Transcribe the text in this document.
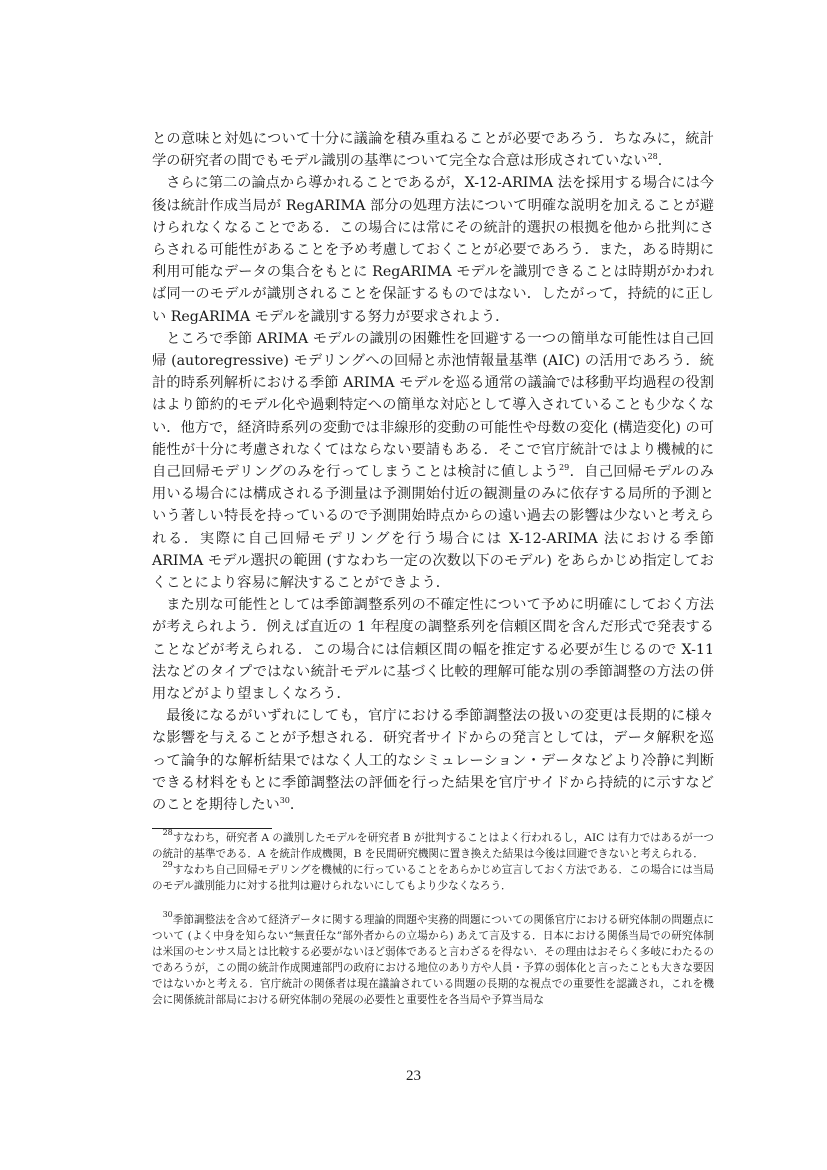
との意味と対処について十分に議論を積み重ねることが必要であろう．ちなみに，統計学の研究者の間でもモデル識別の基準について完全な合意は形成されていない$^{28}$．

さらに第二の論点から導かれることであるが，X-12-ARIMA 法を採用する場合には今後は統計作成当局が RegARIMA 部分の処理方法について明確な説明を加えることが避けられなくなることである．この場合には常にその統計的選択の根拠を他から批判にさらされる可能性があることを予め考慮しておくことが必要であろう．また，ある時期に利用可能なデータの集合をもとに RegARIMA モデルを識別できることは時期がかわれば同一のモデルが識別されることを保証するものではない．したがって，持続的に正しい RegARIMA モデルを識別する努力が要求されよう．

ところで季節 ARIMA モデルの識別の困難性を回避する一つの簡単な可能性は自己回帰 (autoregressive) モデリングへの回帰と赤池情報量基準 (AIC) の活用であろう．統計的時系列解析における季節 ARIMA モデルを巡る通常の議論では移動平均過程の役割はより節約的モデル化や過剰特定への簡単な対応として導入されていることも少なくない．他方で，経済時系列の変動では非線形的変動の可能性や母数の変化 (構造変化) の可能性が十分に考慮されなくてはならない要請もある．そこで官庁統計ではより機械的に自己回帰モデリングのみを行ってしまうことは検討に値しよう$^{29}$．自己回帰モデルのみ用いる場合には構成される予測量は予測開始付近の観測量のみに依存する局所的予測という著しい特長を持っているので予測開始時点からの遠い過去の影響は少ないと考えられる．実際に自己回帰モデリングを行う場合には X-12-ARIMA 法における季節 ARIMA モデル選択の範囲 (すなわち一定の次数以下のモデル) をあらかじめ指定しておくことにより容易に解決することができよう．

また別な可能性としては季節調整系列の不確定性について予めに明確にしておく方法が考えられよう．例えば直近の 1 年程度の調整系列を信頼区間を含んだ形式で発表することなどが考えられる．この場合には信頼区間の幅を推定する必要が生じるので X-11 法などのタイプではない統計モデルに基づく比較的理解可能な別の季節調整の方法の併用などがより望ましくなろう．

最後になるがいずれにしても，官庁における季節調整法の扱いの変更は長期的に様々な影響を与えることが予想される．研究者サイドからの発言としては，データ解釈を巡って論争的な解析結果ではなく人工的なシミュレーション・データなどより冷静に判断できる材料をもとに季節調整法の評価を行った結果を官庁サイドから持続的に示すなどのことを期待したい$^{30}$．

$^{28}$すなわち，研究者 A の識別したモデルを研究者 B が批判することはよく行われるし，AIC は有力ではあるが一つの統計的基準である．A を統計作成機関，B を民間研究機関に置き換えた結果は今後は回避できないと考えられる．

$^{29}$すなわち自己回帰モデリングを機械的に行っていることをあらかじめ宣言しておく方法である．この場合には当局のモデル識別能力に対する批判は避けられないにしてもより少なくなろう．

$^{30}$季節調整法を含めて経済データに関する理論的問題や実務的問題についての関係官庁における研究体制の問題点について (よく中身を知らない“無責任な”部外者からの立場から) あえて言及する．日本における関係当局での研究体制は米国のセンサス局とは比較する必要がないほど弱体であると言わざるを得ない．その理由はおそらく多岐にわたるのであろうが，この間の統計作成関連部門の政府における地位のあり方や人員・予算の弱体化と言ったことも大きな要因ではないかと考える．官庁統計の関係者は現在議論されている問題の長期的な視点での重要性を認識され，これを機会に関係統計部局における研究体制の発展の必要性と重要性を各当局や予算当局な

23
